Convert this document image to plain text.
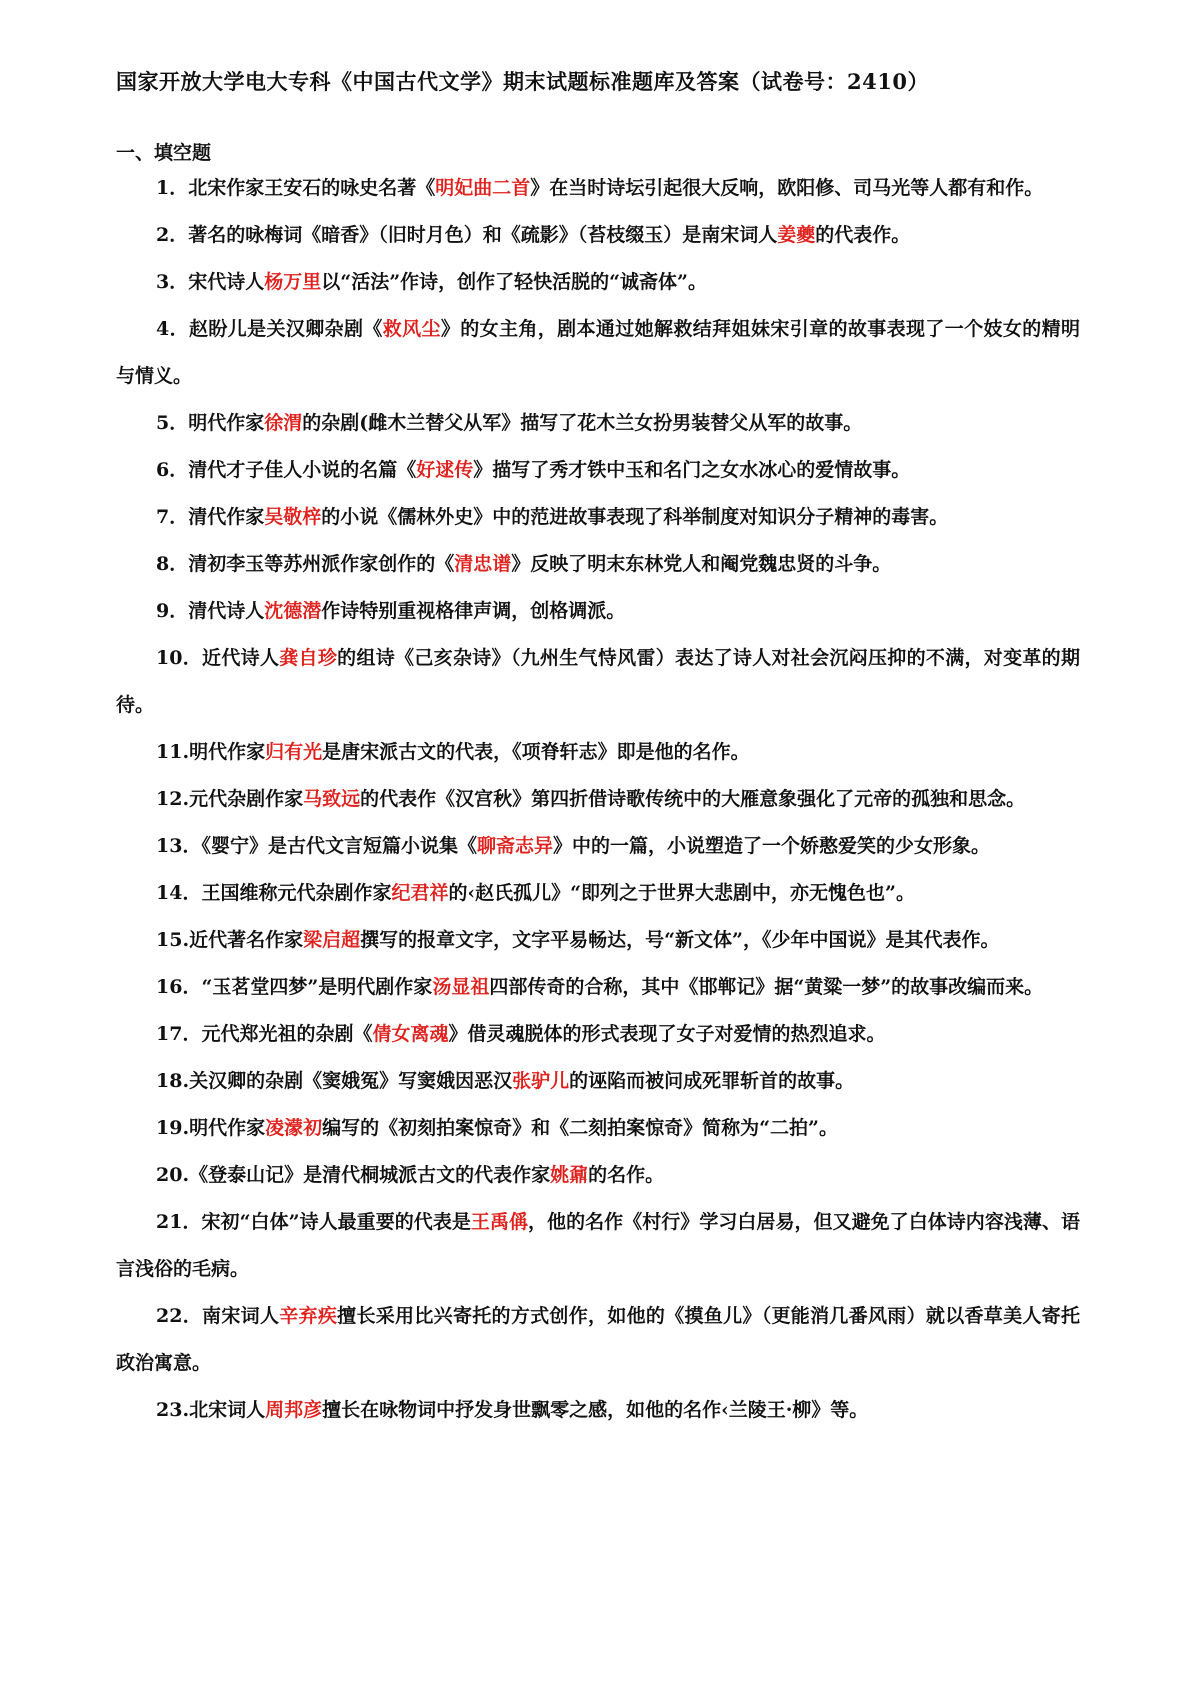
国家开放大学电大专科《中国古代文学》期末试题标准题库及答案（试卷号：2410）
一、填空题

1．北宋作家王安石的咏史名著《明妃曲二首》在当时诗坛引起很大反响，欧阳修、司马光等人都有和作。

2．著名的咏梅词《暗香》（旧时月色）和《疏影》（苔枝缀玉）是南宋词人姜夔的代表作。

3．宋代诗人杨万里以“活法”作诗，创作了轻快活脱的“诚斋体”。

4．赵盼儿是关汉卿杂剧《救风尘》的女主角，剧本通过她解救结拜姐妹宋引章的故事表现了一个妓女的精明与情义。

5．明代作家徐渭的杂剧(雌木兰替父从军》描写了花木兰女扮男装替父从军的故事。

6．清代才子佳人小说的名篇《好逑传》描写了秀才铁中玉和名门之女水冰心的爱情故事。

7．清代作家吴敬梓的小说《儒林外史》中的范进故事表现了科举制度对知识分子精神的毒害。

8．清初李玉等苏州派作家创作的《清忠谱》反映了明末东林党人和阉党魏忠贤的斗争。

9．清代诗人沈德潜作诗特别重视格律声调，创格调派。

10．近代诗人龚自珍的组诗《己亥杂诗》（九州生气恃风雷）表达了诗人对社会沉闷压抑的不满，对变革的期待。

11.明代作家归有光是唐宋派古文的代表，《项脊轩志》即是他的名作。

12.元代杂剧作家马致远的代表作《汉宫秋》第四折借诗歌传统中的大雁意象强化了元帝的孤独和思念。

13．《婴宁》是古代文言短篇小说集《聊斋志异》中的一篇，小说塑造了一个娇憨爱笑的少女形象。

14．王国维称元代杂剧作家纪君祥的‹赵氏孤儿》“即列之于世界大悲剧中，亦无愧色也”。

15.近代著名作家梁启超撰写的报章文字，文字平易畅达，号“新文体”，《少年中国说》是其代表作。

16．“玉茗堂四梦”是明代剧作家汤显祖四部传奇的合称，其中《邯郸记》据“黄粱一梦”的故事改编而来。

17．元代郑光祖的杂剧《倩女离魂》借灵魂脱体的形式表现了女子对爱情的热烈追求。

18.关汉卿的杂剧《窦娥冤》写窦娥因恶汉张驴儿的诬陷而被问成死罪斩首的故事。

19.明代作家凌濛初编写的《初刻拍案惊奇》和《二刻拍案惊奇》简称为“二拍”。

20.《登泰山记》是清代桐城派古文的代表作家姚鼐的名作。

21．宋初“白体”诗人最重要的代表是王禹偁，他的名作《村行》学习白居易，但又避免了白体诗内容浅薄、语言浅俗的毛病。

22．南宋词人辛弃疾擅长采用比兴寄托的方式创作，如他的《摸鱼儿》（更能消几番风雨）就以香草美人寄托政治寓意。

23.北宋词人周邦彦擅长在咏物词中抒发身世飘零之感，如他的名作‹兰陵王·柳》等。
